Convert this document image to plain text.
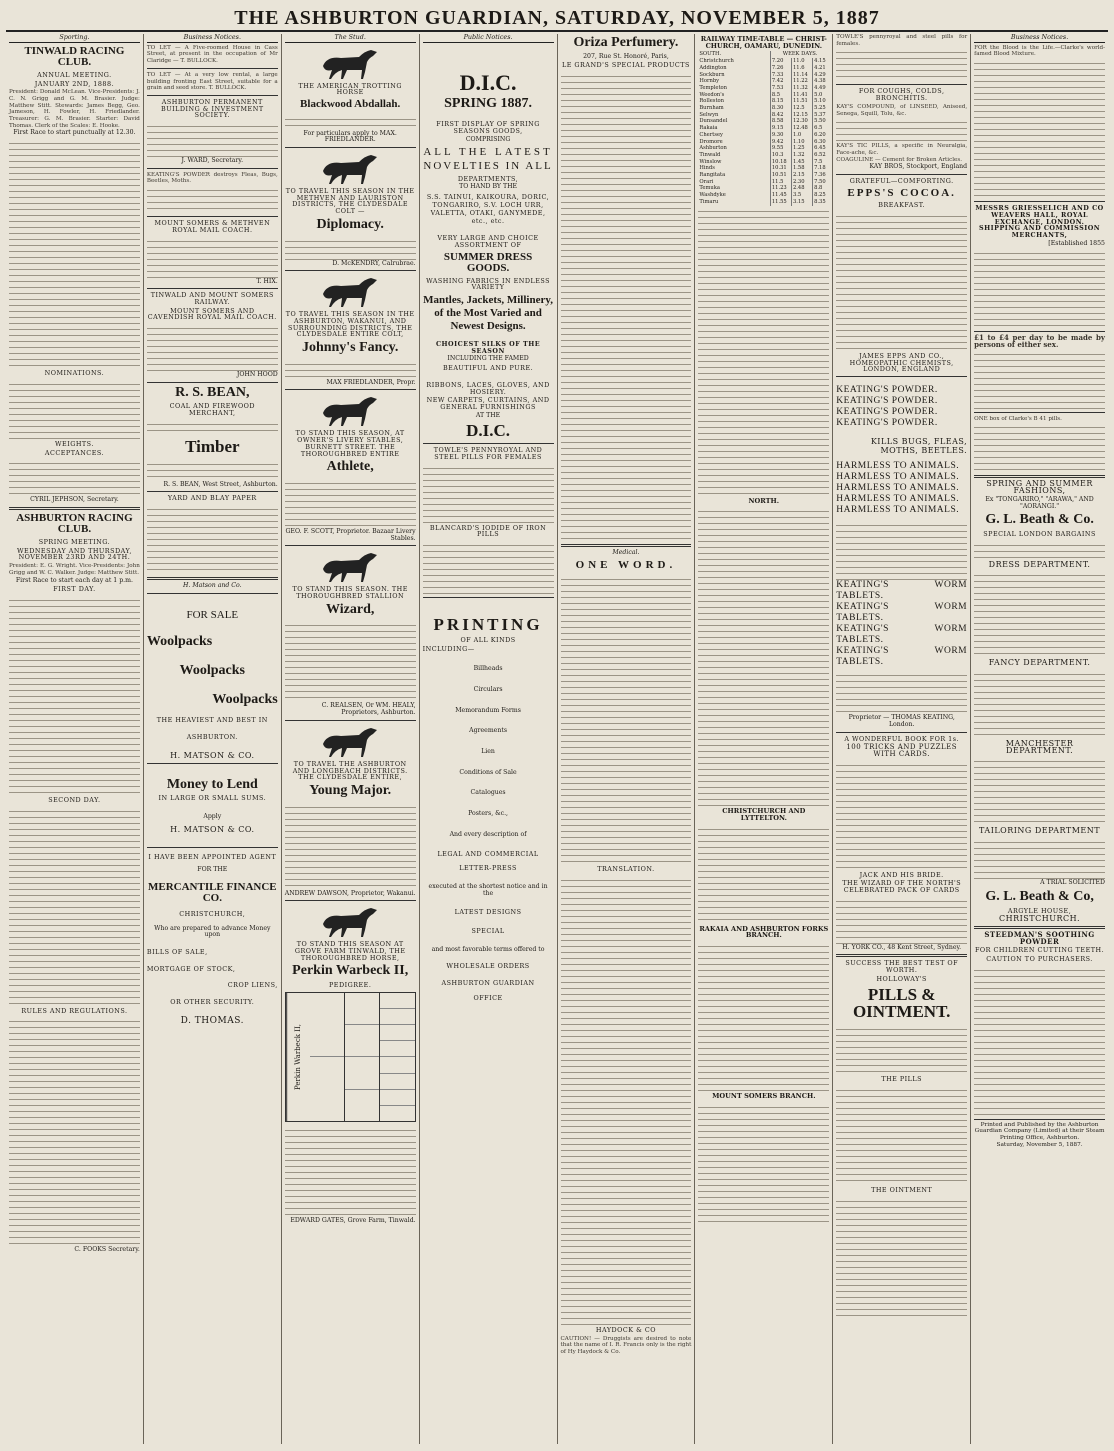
THE ASHBURTON GUARDIAN, SATURDAY, NOVEMBER 5, 1887
Sporting.
TINWALD RACING CLUB.
ANNUAL MEETING.
JANUARY 2ND, 1888.
President: Donald McLean. Vice-Presidents: J. C. N. Grigg and G. M. Brasier. Judge: Matthew Stitt. Stewards: James Begg, Geo. Jameson, H. Fowler, H. Friedlander. Treasurer: G. M. Brasier. Starter: David Thomas. Clerk of the Scales: E. Hooke.
First Race to start punctually at 12.30.
NOMINATIONS.
WEIGHTS.
ACCEPTANCES.
CYRIL JEPHSON, Secretary.
ASHBURTON RACING CLUB.
SPRING MEETING.
WEDNESDAY AND THURSDAY, NOVEMBER 23RD AND 24TH.
President: E. G. Wright. Vice-Presidents: John Grigg and W. C. Walker. Judge: Matthew Stitt.
First Race to start each day at 1 p.m.
FIRST DAY.
SECOND DAY.
RULES AND REGULATIONS.
C. FOOKS Secretary.
Business Notices.
TO LET — A Five-roomed House in Cass Street, at present in the occupation of Mr Claridge — T. BULLOCK.
TO LET — At a very low rental, a large building fronting East Street, suitable for a grain and seed store. T. BULLOCK.
ASHBURTON PERMANENT BUILDING & INVESTMENT SOCIETY.
J. WARD, Secretary.
KEATING'S POWDER destroys Fleas, Bugs, Beetles, Moths.
MOUNT SOMERS & METHVEN ROYAL MAIL COACH.
T. HIX.
TINWALD AND MOUNT SOMERS RAILWAY.
MOUNT SOMERS AND CAVENDISH ROYAL MAIL COACH.
JOHN HOOD
R. S. BEAN,
COAL AND FIREWOOD MERCHANT,
Timber
R. S. BEAN, West Street, Ashburton.
YARD AND BLAY PAPER
H. Matson and Co.
FOR SALE
Woolpacks
Woolpacks
Woolpacks
THE HEAVIEST AND BEST IN
ASHBURTON.
H. MATSON & CO.
Money to Lend
IN LARGE OR SMALL SUMS.
Apply
H. MATSON & CO.
I HAVE BEEN APPOINTED AGENT
FOR THE
MERCANTILE FINANCE CO.
CHRISTCHURCH,
Who are prepared to advance Money upon
BILLS OF SALE,
MORTGAGE OF STOCK,
CROP LIENS,
OR OTHER SECURITY.
D. THOMAS.
The Stud.
THE AMERICAN TROTTING HORSE
Blackwood Abdallah.
For particulars apply to MAX. FRIEDLANDER.
TO TRAVEL THIS SEASON IN THE METHVEN AND LAURISTON DISTRICTS, THE CLYDESDALE COLT —
Diplomacy.
D. McKENDRY, Calrubrae.
TO TRAVEL THIS SEASON IN THE ASHBURTON, WAKANUI, AND SURROUNDING DISTRICTS, THE CLYDESDALE ENTIRE COLT,
Johnny's Fancy.
MAX FRIEDLANDER, Propr.
TO STAND THIS SEASON, AT OWNER'S LIVERY STABLES, BURNETT STREET. THE THOROUGHBRED ENTIRE
Athlete,
GEO. F. SCOTT, Proprietor. Bazaar Livery Stables.
TO STAND THIS SEASON. THE THOROUGHBRED STALLION
Wizard,
C. REALSEN, Or WM. HEALY, Proprietors, Ashburton.
TO TRAVEL THE ASHBURTON AND LONGBEACH DISTRICTS. THE CLYDESDALE ENTIRE,
Young Major.
ANDREW DAWSON, Proprietor, Wakanui.
TO STAND THIS SEASON AT GROVE FARM TINWALD, THE THOROUGHBRED HORSE,
Perkin Warbeck II,
PEDIGREE.
Perkin Warbeck II,
EDWARD GATES, Grove Farm, Tinwald.
Public Notices.
D.I.C.
SPRING 1887.
FIRST DISPLAY OF SPRING SEASONS GOODS,
COMPRISING
ALL THE LATEST
NOVELTIES IN ALL
DEPARTMENTS,
TO HAND BY THE
S.S. TAINUI, KAIKOURA, DORIC, TONGARIRO, S.V. LOCH URR, VALETTA, OTAKI, GANYMEDE, etc., etc.
VERY LARGE AND CHOICE ASSORTMENT OF
SUMMER DRESS GOODS.
WASHING FABRICS IN ENDLESS VARIETY
Mantles, Jackets, Millinery, of the Most Varied and Newest Designs.
CHOICEST SILKS OF THE SEASON
INCLUDING THE FAMED
BEAUTIFUL AND PURE.
RIBBONS, LACES, GLOVES, AND HOSIERY.
NEW CARPETS, CURTAINS, AND GENERAL FURNISHINGS
AT THE
D.I.C.
TOWLE'S PENNYROYAL AND STEEL PILLS FOR FEMALES
BLANCARD'S IODIDE OF IRON PILLS
PRINTING
OF ALL KINDS
INCLUDING—
Billheads
Circulars
Memorandum Forms
Agreements
Lien
Conditions of Sale
Catalogues
Posters, &c.,
And every description of
LEGAL AND COMMERCIAL
LETTER-PRESS
executed at the shortest notice and in the
LATEST DESIGNS
SPECIAL
and most favorable terms offered to
WHOLESALE ORDERS
ASHBURTON GUARDIAN
OFFICE
Oriza Perfumery.
207, Rue St. Honoré, Paris,
LE GRAND'S SPECIAL PRODUCTS
Medical.
ONE WORD.
TRANSLATION.
HAYDOCK & CO
CAUTION! — Druggists are desired to note that the name of I. R. Francis only is the right of Hy Haydock & Co.
RAILWAY TIME-TABLE — CHRIST-CHURCH, OAMARU, DUNEDIN.
SOUTH.	WEEK DAYS.		
Christchurch	7.20	11.0	4.15
Addington	7.26	11.6	4.21
Sockburn	7.33	11.14	4.29
Hornby	7.42	11.22	4.38
Templeton	7.53	11.32	4.49
Weedon's	8.5	11.41	5.0
Rolleston	8.15	11.51	5.10
Burnham	8.30	12.5	5.25
Selwyn	8.42	12.15	5.37
Dunsandel	8.58	12.30	5.50
Rakaia	9.15	12.48	6.5
Chertsey	9.30	1.0	6.20
Dromore	9.42	1.10	6.30
Ashburton	9.55	1.25	6.45
Tinwald	10.3	1.32	6.52
Winslow	10.18	1.45	7.5
Hinds	10.31	1.58	7.18
Rangitata	10.51	2.15	7.36
Orari	11.5	2.30	7.50
Temuka	11.23	2.48	8.8
Washdyke	11.45	3.5	8.25
Timaru	11.55	3.15	8.35
NORTH.
CHRISTCHURCH AND LYTTELTON.
RAKAIA AND ASHBURTON FORKS BRANCH.
MOUNT SOMERS BRANCH.
TOWLE'S pennyroyal and steel pills for females.
FOR COUGHS, COLDS, BRONCHITIS.
KAY'S COMPOUND, of LINSEED, Aniseed, Senega, Squill, Tolu, &c.
KAY'S TIC PILLS, a specific in Neuralgia, Face-ache, &c.
COAGULINE — Cement for Broken Articles.
KAY BROS, Stockport, England
GRATEFUL—COMFORTING.
EPPS'S COCOA.
BREAKFAST.
JAMES EPPS AND CO., HOMEOPATHIC CHEMISTS, LONDON, ENGLAND

KEATING'S POWDER.

KEATING'S POWDER.

KEATING'S POWDER.

KEATING'S POWDER.

KILLS BUGS, FLEAS, MOTHS, BEETLES.

HARMLESS TO ANIMALS.

HARMLESS TO ANIMALS.

HARMLESS TO ANIMALS.

HARMLESS TO ANIMALS.

HARMLESS TO ANIMALS.

KEATING'S WORM TABLETS.

KEATING'S WORM TABLETS.

KEATING'S WORM TABLETS.

KEATING'S WORM TABLETS.

Proprietor — THOMAS KEATING, London.
A WONDERFUL BOOK FOR 1s.
100 TRICKS AND PUZZLES WITH CARDS.
JACK AND HIS BRIDE.
THE WIZARD OF THE NORTH'S CELEBRATED PACK OF CARDS
H. YORK CO., 48 Kent Street, Sydney.
SUCCESS THE BEST TEST OF WORTH.
HOLLOWAY'S
PILLS & OINTMENT.
THE PILLS
THE OINTMENT
Business Notices.
FOR the Blood is the Life.—Clarke's world-famed Blood Mixture.
MESSRS GRIESSELICH AND CO WEAVERS HALL, ROYAL EXCHANGE, LONDON. SHIPPING AND COMMISSION MERCHANTS,
[Established 1855
£1 to £4 per day to be made by persons of either sex.
ONE box of Clarke's B 41 pills.
SPRING AND SUMMER FASHIONS,
Ex "TONGARIRO," "ARAWA," AND "AORANGI."
G. L. Beath & Co.
SPECIAL LONDON BARGAINS
DRESS DEPARTMENT.
FANCY DEPARTMENT.
MANCHESTER DEPARTMENT.
TAILORING DEPARTMENT
A TRIAL SOLICITED
G. L. Beath & Co,
ARGYLE HOUSE,
CHRISTCHURCH.
STEEDMAN'S SOOTHING POWDER
FOR CHILDREN CUTTING TEETH.
CAUTION TO PURCHASERS.
Printed and Published by the Ashburton Guardian Company (Limited) at their Steam Printing Office, Ashburton.
Saturday, November 5, 1887.
